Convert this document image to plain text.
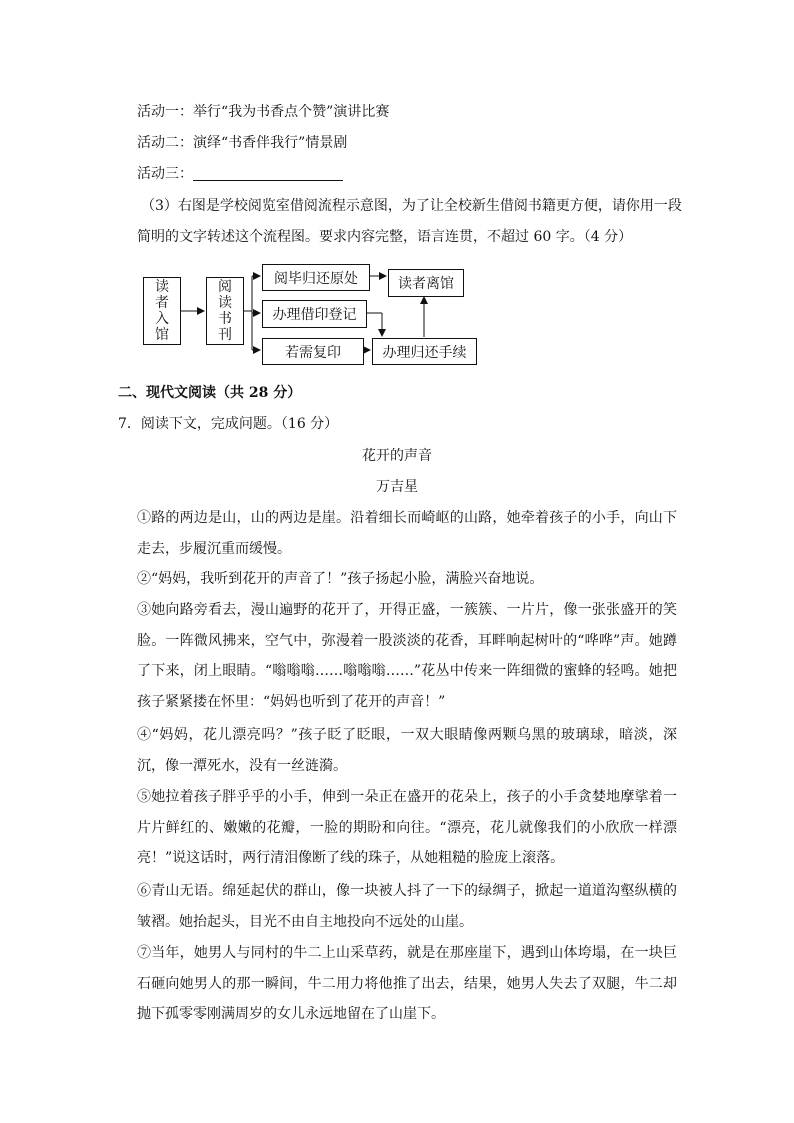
活动一：举行“我为书香点个赞”演讲比赛
活动二：演绎“书香伴我行”情景剧
活动三：
（3）右图是学校阅览室借阅流程示意图，为了让全校新生借阅书籍更方便，请你用一段
简明的文字转述这个流程图。要求内容完整，语言连贯，不超过 60 字。（4 分）
读
者
入
馆
阅
读
书
刊
阅毕归还原处
办理借印登记
若需复印
读者离馆
办理归还手续
二、现代文阅读（共 28 分）
7．阅读下文，完成问题。（16 分）
花开的声音
万吉星
①路的两边是山，山的两边是崖。沿着细长而崎岖的山路，她牵着孩子的小手，向山下走去，步履沉重而缓慢。
②“妈妈，我听到花开的声音了！”孩子扬起小脸，满脸兴奋地说。
③她向路旁看去，漫山遍野的花开了，开得正盛，一簇簇、一片片，像一张张盛开的笑脸。一阵微风拂来，空气中，弥漫着一股淡淡的花香，耳畔响起树叶的“哗哗”声。她蹲了下来，闭上眼睛。“嗡嗡嗡……嗡嗡嗡……”花丛中传来一阵细微的蜜蜂的轻鸣。她把孩子紧紧搂在怀里：“妈妈也听到了花开的声音！”
④“妈妈，花儿漂亮吗？”孩子眨了眨眼，一双大眼睛像两颗乌黑的玻璃球，暗淡，深沉，像一潭死水，没有一丝涟漪。
⑤她拉着孩子胖乎乎的小手，伸到一朵正在盛开的花朵上，孩子的小手贪婪地摩挲着一片片鲜红的、嫩嫩的花瓣，一脸的期盼和向往。“漂亮，花儿就像我们的小欣欣一样漂亮！”说这话时，两行清泪像断了线的珠子，从她粗糙的脸庞上滚落。
⑥青山无语。绵延起伏的群山，像一块被人抖了一下的绿绸子，掀起一道道沟壑纵横的皱褶。她抬起头，目光不由自主地投向不远处的山崖。
⑦当年，她男人与同村的牛二上山采草药，就是在那座崖下，遇到山体垮塌，在一块巨石砸向她男人的那一瞬间，牛二用力将他推了出去，结果，她男人失去了双腿，牛二却抛下孤零零刚满周岁的女儿永远地留在了山崖下。
